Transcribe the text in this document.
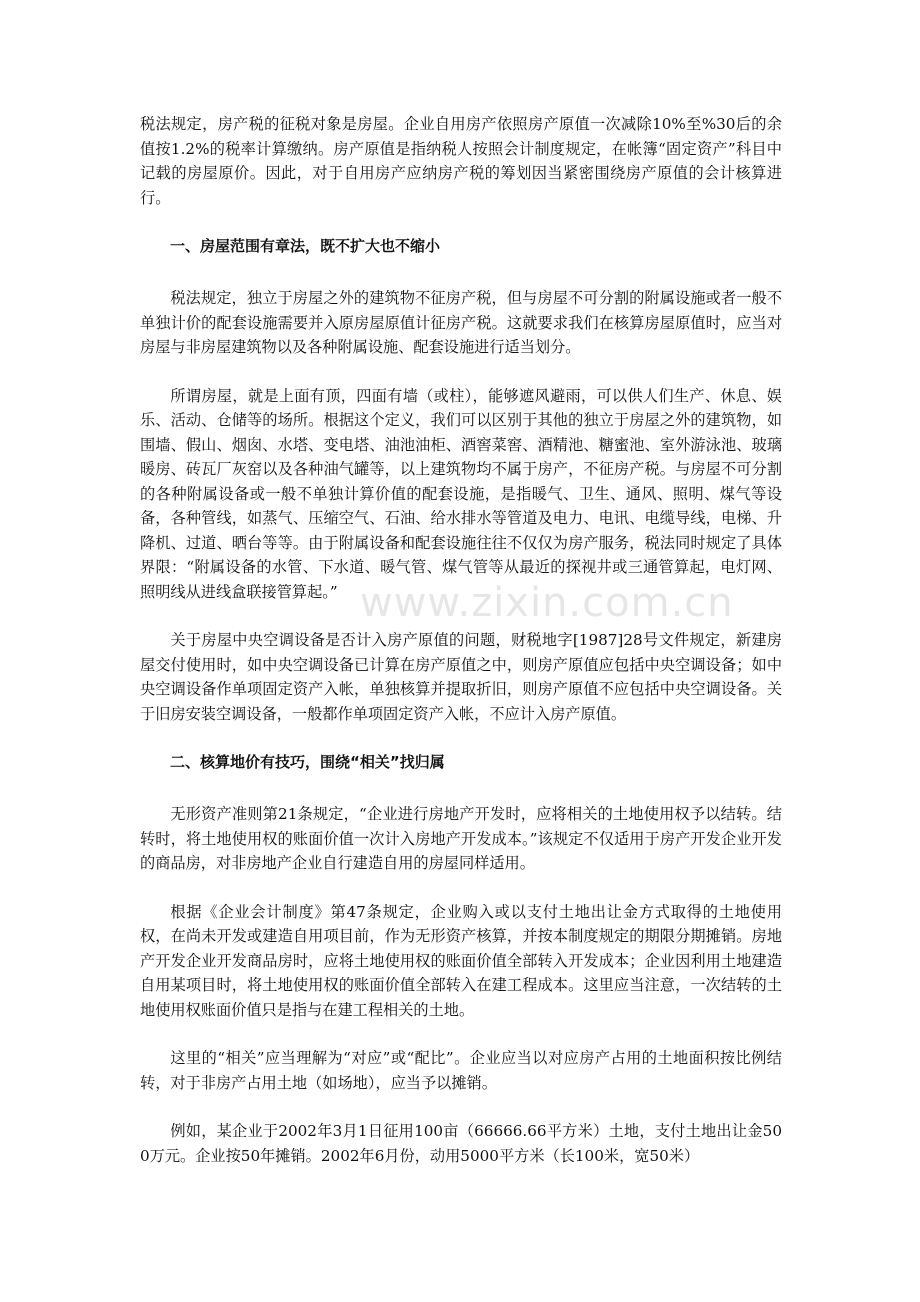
税法规定，房产税的征税对象是房屋。企业自用房产依照房产原值一次减除10%至%30后的余值按1.2%的税率计算缴纳。房产原值是指纳税人按照会计制度规定，在帐簿“固定资产”科目中记载的房屋原价。因此，对于自用房产应纳房产税的筹划因当紧密围绕房产原值的会计核算进行。

一、房屋范围有章法，既不扩大也不缩小

税法规定，独立于房屋之外的建筑物不征房产税，但与房屋不可分割的附属设施或者一般不单独计价的配套设施需要并入原房屋原值计征房产税。这就要求我们在核算房屋原值时，应当对房屋与非房屋建筑物以及各种附属设施、配套设施进行适当划分。

所谓房屋，就是上面有顶，四面有墙（或柱），能够遮风避雨，可以供人们生产、休息、娱乐、活动、仓储等的场所。根据这个定义，我们可以区别于其他的独立于房屋之外的建筑物，如围墙、假山、烟囱、水塔、变电塔、油池油柜、酒窖菜窖、酒精池、糖蜜池、室外游泳池、玻璃暖房、砖瓦厂灰窑以及各种油气罐等，以上建筑物均不属于房产，不征房产税。与房屋不可分割的各种附属设备或一般不单独计算价值的配套设施，是指暖气、卫生、通风、照明、煤气等设备，各种管线，如蒸气、压缩空气、石油、给水排水等管道及电力、电讯、电缆导线，电梯、升降机、过道、晒台等等。由于附属设备和配套设施往往不仅仅为房产服务，税法同时规定了具体界限：“附属设备的水管、下水道、暖气管、煤气管等从最近的探视井或三通管算起，电灯网、照明线从进线盒联接管算起。”

关于房屋中央空调设备是否计入房产原值的问题，财税地字[1987]28号文件规定，新建房屋交付使用时，如中央空调设备已计算在房产原值之中，则房产原值应包括中央空调设备；如中央空调设备作单项固定资产入帐，单独核算并提取折旧，则房产原值不应包括中央空调设备。关于旧房安装空调设备，一般都作单项固定资产入帐，不应计入房产原值。

二、核算地价有技巧，围绕“相关”找归属

无形资产准则第21条规定，“企业进行房地产开发时，应将相关的土地使用权予以结转。结转时，将土地使用权的账面价值一次计入房地产开发成本。”该规定不仅适用于房产开发企业开发的商品房，对非房地产企业自行建造自用的房屋同样适用。

根据《企业会计制度》第47条规定，企业购入或以支付土地出让金方式取得的土地使用权，在尚未开发或建造自用项目前，作为无形资产核算，并按本制度规定的期限分期摊销。房地产开发企业开发商品房时，应将土地使用权的账面价值全部转入开发成本；企业因利用土地建造自用某项目时，将土地使用权的账面价值全部转入在建工程成本。这里应当注意，一次结转的土地使用权账面价值只是指与在建工程相关的土地。

这里的“相关”应当理解为“对应”或“配比”。企业应当以对应房产占用的土地面积按比例结转，对于非房产占用土地（如场地），应当予以摊销。

例如，某企业于2002年3月1日征用100亩（66666.66平方米）土地，支付土地出让金500万元。企业按50年摊销。2002年6月份，动用5000平方米（长100米，宽50米）

www.zixin.com.cn
